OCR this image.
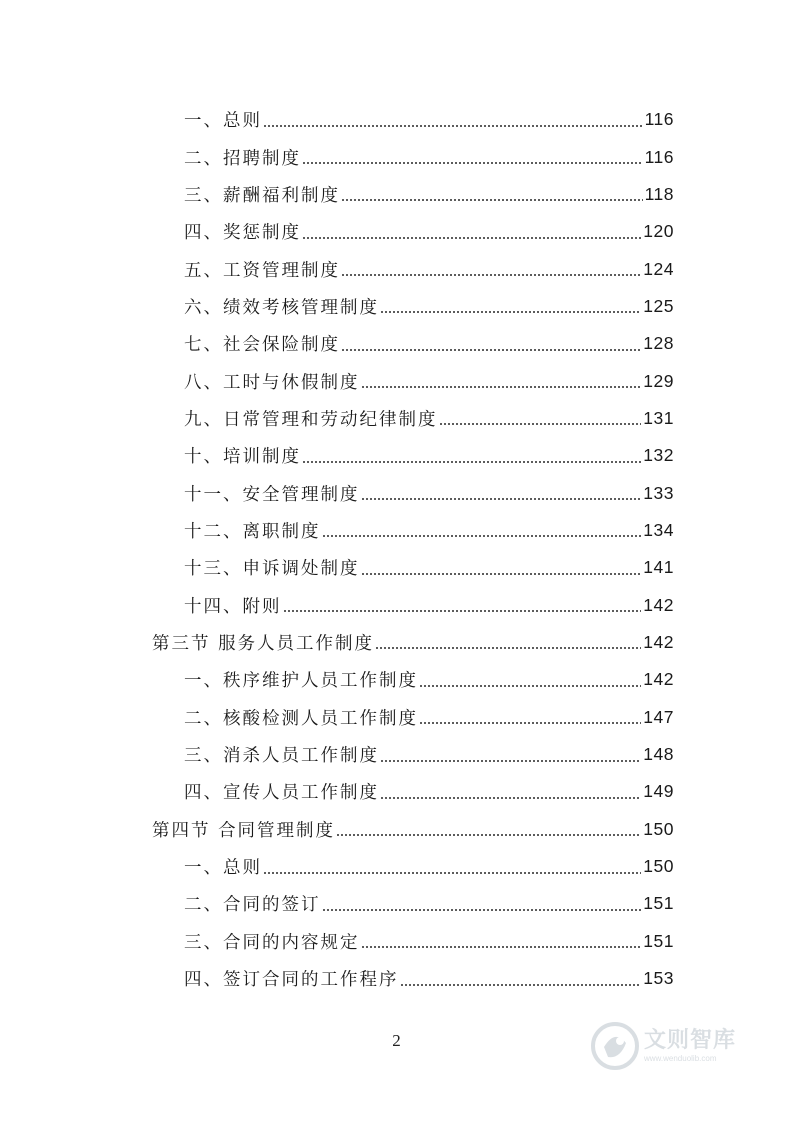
一、总则	116
二、招聘制度	116
三、薪酬福利制度	118
四、奖惩制度	120
五、工资管理制度	124
六、绩效考核管理制度	125
七、社会保险制度	128
八、工时与休假制度	129
九、日常管理和劳动纪律制度	131
十、培训制度	132
十一、安全管理制度	133
十二、离职制度	134
十三、申诉调处制度	141
十四、附则	142
第三节 服务人员工作制度	142
一、秩序维护人员工作制度	142
二、核酸检测人员工作制度	147
三、消杀人员工作制度	148
四、宣传人员工作制度	149
第四节 合同管理制度	150
一、总则	150
二、合同的签订	151
三、合同的内容规定	151
四、签订合同的工作程序	153
2	文则智库
www.wenduolib.com
